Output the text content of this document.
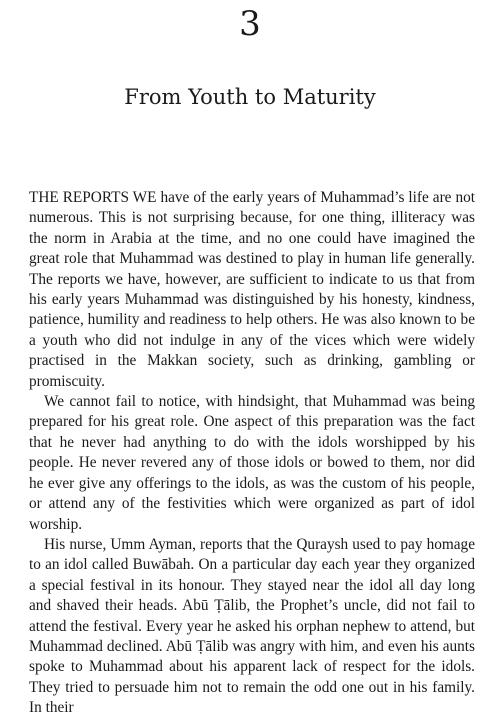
3
From Youth to Maturity

THE REPORTS WE have of the early years of Muhammad’s life are not numerous. This is not surprising because, for one thing, illiteracy was the norm in Arabia at the time, and no one could have imagined the great role that Muhammad was destined to play in human life generally. The reports we have, however, are sufficient to indicate to us that from his early years Muhammad was distinguished by his honesty, kindness, patience, humility and readiness to help others. He was also known to be a youth who did not indulge in any of the vices which were widely practised in the Makkan society, such as drinking, gambling or promiscuity.

We cannot fail to notice, with hindsight, that Muhammad was being prepared for his great role. One aspect of this preparation was the fact that he never had anything to do with the idols worshipped by his people. He never revered any of those idols or bowed to them, nor did he ever give any offerings to the idols, as was the custom of his people, or attend any of the festivities which were organized as part of idol worship.

His nurse, Umm Ayman, reports that the Quraysh used to pay homage to an idol called Buwābah. On a particular day each year they organized a special festival in its honour. They stayed near the idol all day long and shaved their heads. Abū Ṭālib, the Prophet’s uncle, did not fail to attend the festival. Every year he asked his orphan nephew to attend, but Muhammad declined. Abū Ṭālib was angry with him, and even his aunts spoke to Muhammad about his apparent lack of respect for the idols. They tried to persuade him not to remain the odd one out in his family. In their
